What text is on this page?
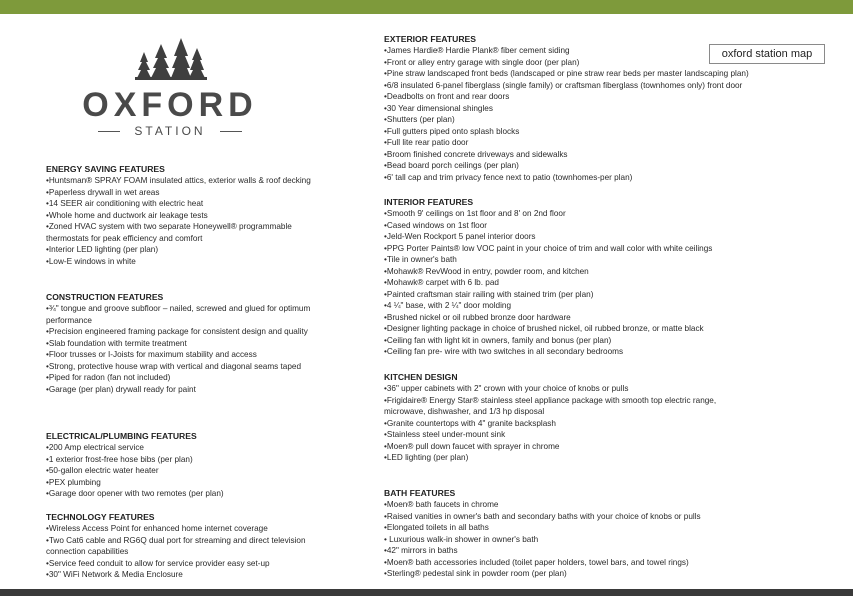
OXFORD
STATION
oxford station map
ENERGY SAVING FEATURES
•Huntsman® SPRAY FOAM insulated attics, exterior walls & roof decking
•Paperless drywall in wet areas
•14 SEER air conditioning with electric heat
•Whole home and ductwork air leakage tests
•Zoned HVAC system with two separate Honeywell® programmable thermostats for peak efficiency and comfort
•Interior LED lighting (per plan)
•Low-E windows in white
CONSTRUCTION FEATURES
•¾" tongue and groove subfloor – nailed, screwed and glued for optimum performance
•Precision engineered framing package for consistent design and quality
•Slab foundation with termite treatment
•Floor trusses or I-Joists for maximum stability and access
•Strong, protective house wrap with vertical and diagonal seams taped
•Piped for radon (fan not included)
•Garage (per plan) drywall ready for paint
ELECTRICAL/PLUMBING FEATURES
•200 Amp electrical service
•1 exterior frost-free hose bibs (per plan)
•50-gallon electric water heater
•PEX plumbing
•Garage door opener with two remotes (per plan)
TECHNOLOGY FEATURES
•Wireless Access Point for enhanced home internet coverage
•Two Cat6 cable and RG6Q dual port for streaming and direct television connection capabilities
•Service feed conduit to allow for service provider easy set-up
•30" WiFi Network & Media Enclosure
EXTERIOR FEATURES
•James Hardie® Hardie Plank® fiber cement siding
•Front or alley entry garage with single door (per plan)
•Pine straw landscaped front beds (landscaped or pine straw rear beds per master landscaping plan)
•6/8 insulated 6-panel fiberglass (single family) or craftsman fiberglass (townhomes only) front door
•Deadbolts on front and rear doors
•30 Year dimensional shingles
•Shutters (per plan)
•Full gutters piped onto splash blocks
•Full lite rear patio door
•Broom finished concrete driveways and sidewalks
•Bead board porch ceilings (per plan)
•6' tall cap and trim privacy fence next to patio (townhomes-per plan)
INTERIOR FEATURES
•Smooth 9' ceilings on 1st floor and 8' on 2nd floor
•Cased windows on 1st floor
•Jeld-Wen Rockport 5 panel interior doors
•PPG Porter Paints® low VOC paint in your choice of trim and wall color with white ceilings
•Tile in owner's bath
•Mohawk® RevWood in entry, powder room, and kitchen
•Mohawk® carpet with 6 lb. pad
•Painted craftsman stair railing with stained trim (per plan)
•4 ¼" base, with 2 ¼" door molding
•Brushed nickel or oil rubbed bronze door hardware
•Designer lighting package in choice of brushed nickel, oil rubbed bronze, or matte black
•Ceiling fan with light kit in owners, family and bonus (per plan)
•Ceiling fan pre- wire with two switches in all secondary bedrooms
KITCHEN DESIGN
•36" upper cabinets with 2" crown with your choice of knobs or pulls
•Frigidaire® Energy Star® stainless steel appliance package with smooth top electric range,
microwave, dishwasher, and 1/3 hp disposal
•Granite countertops with 4" granite backsplash
•Stainless steel under-mount sink
•Moen® pull down faucet with sprayer in chrome
•LED lighting (per plan)
BATH FEATURES
•Moen® bath faucets in chrome
•Raised vanities in owner's bath and secondary baths with your choice of knobs or pulls
•Elongated toilets in all baths
• Luxurious walk-in shower in owner's bath
•42" mirrors in baths
•Moen® bath accessories included (toilet paper holders, towel bars, and towel rings)
•Sterling® pedestal sink in powder room (per plan)
